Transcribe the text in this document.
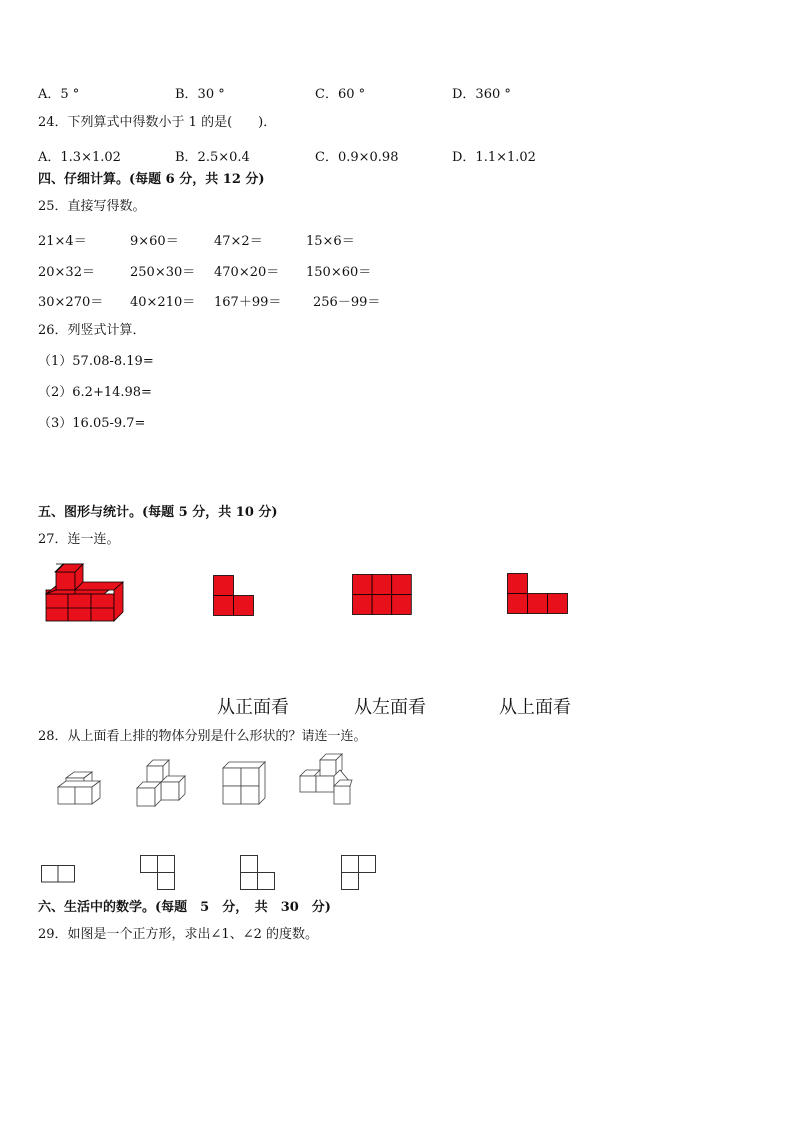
A．5 °	B．30 °	C．60 °	D．360 °
24．下列算式中得数小于 1 的是(　　)．
A．1.3×1.02	B．2.5×0.4	C．0.9×0.98	D．1.1×1.02
四、仔细计算。(每题 6 分，共 12 分)
25．直接写得数。
21×4＝	9×60＝	47×2＝	15×6＝
20×32＝	250×30＝ 470×20＝ 150×60＝
30×270＝ 40×210＝ 167＋99＝ 256－99＝
26．列竖式计算．
（1）57.08-8.19=
（2）6.2+14.98=
（3）16.05-9.7=
五、图形与统计。(每题 5 分，共 10 分)
27．连一连。
从正面看	从左面看	从上面看
28．从上面看上排的物体分别是什么形状的？请连一连。
六、生活中的数学。(每题　5　分，　共　30　分)
29．如图是一个正方形，求出∠1、∠2 的度数。
